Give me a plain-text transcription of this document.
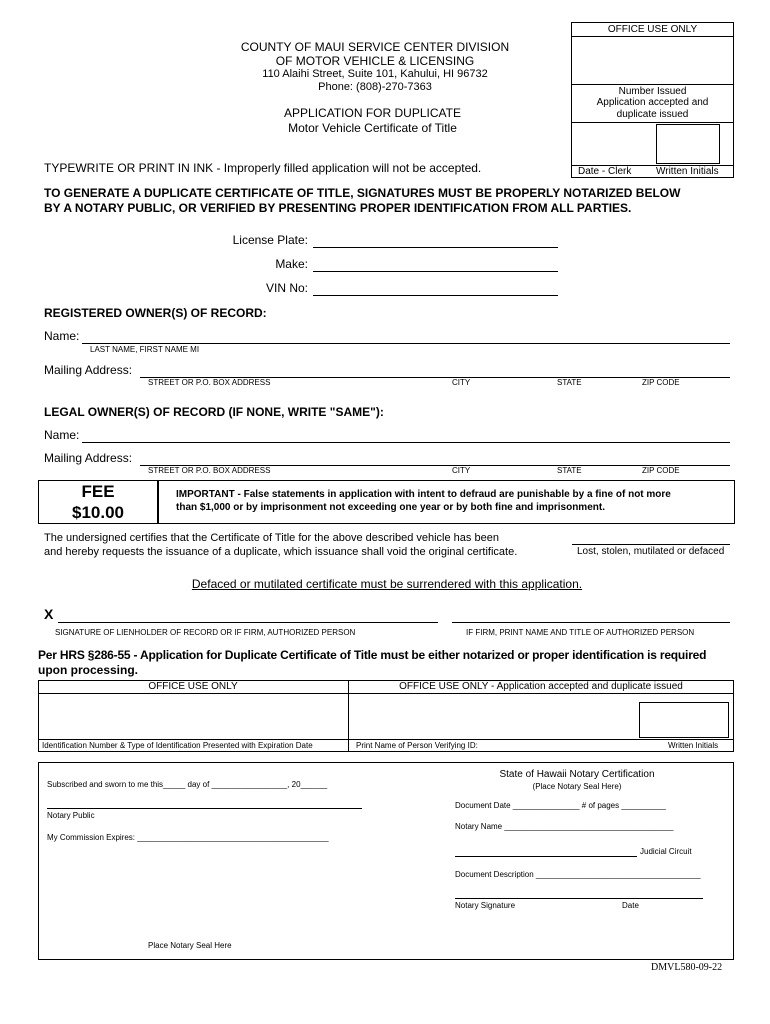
OFFICE USE ONLY
Number Issued
Application accepted and duplicate issued
Date - Clerk Written Initials
COUNTY OF MAUI SERVICE CENTER DIVISION
OF MOTOR VEHICLE & LICENSING
110 Alaihi Street, Suite 101, Kahului, HI 96732
Phone: (808)-270-7363
APPLICATION FOR DUPLICATE
Motor Vehicle Certificate of Title
TYPEWRITE OR PRINT IN INK - Improperly filled application will not be accepted.
TO GENERATE A DUPLICATE CERTIFICATE OF TITLE, SIGNATURES MUST BE PROPERLY NOTARIZED BELOW
BY A NOTARY PUBLIC, OR VERIFIED BY PRESENTING PROPER IDENTIFICATION FROM ALL PARTIES.
License Plate:
Make:
VIN No:
REGISTERED OWNER(S) OF RECORD:
Name:
LAST NAME, FIRST NAME MI
Mailing Address:
STREET OR P.O. BOX ADDRESS	CITY	STATE	ZIP CODE
LEGAL OWNER(S) OF RECORD (IF NONE, WRITE "SAME"):
Name:
Mailing Address:
STREET OR P.O. BOX ADDRESS	CITY	STATE	ZIP CODE
FEE
$10.00
IMPORTANT - False statements in application with intent to defraud are punishable by a fine of not more
than $1,000 or by imprisonment not exceeding one year or by both fine and imprisonment.
The undersigned certifies that the Certificate of Title for the above described vehicle has been
and hereby requests the issuance of a duplicate, which issuance shall void the original certificate.	Lost, stolen, mutilated or defaced
Defaced or mutilated certificate must be surrendered with this application.
X
SIGNATURE OF LIENHOLDER OF RECORD OR IF FIRM, AUTHORIZED PERSON	IF FIRM, PRINT NAME AND TITLE OF AUTHORIZED PERSON
Per HRS §286-55 - Application for Duplicate Certificate of Title must be either notarized or proper identification is required
upon processing.
OFFICE USE ONLY	OFFICE USE ONLY - Application accepted and duplicate issued
Identification Number & Type of Identification Presented with Expiration Date	Print Name of Person Verifying ID:	Written Initials
Subscribed and sworn to me this_____ day of _________________, 20______
Notary Public
My Commission Expires: ___________________________________________
State of Hawaii Notary Certification
(Place Notary Seal Here)
Document Date _______________ # of pages __________
Notary Name ______________________________________
Judicial Circuit
Document Description _____________________________________
Notary Signature	Date
Place Notary Seal Here
DMVL580-09-22
